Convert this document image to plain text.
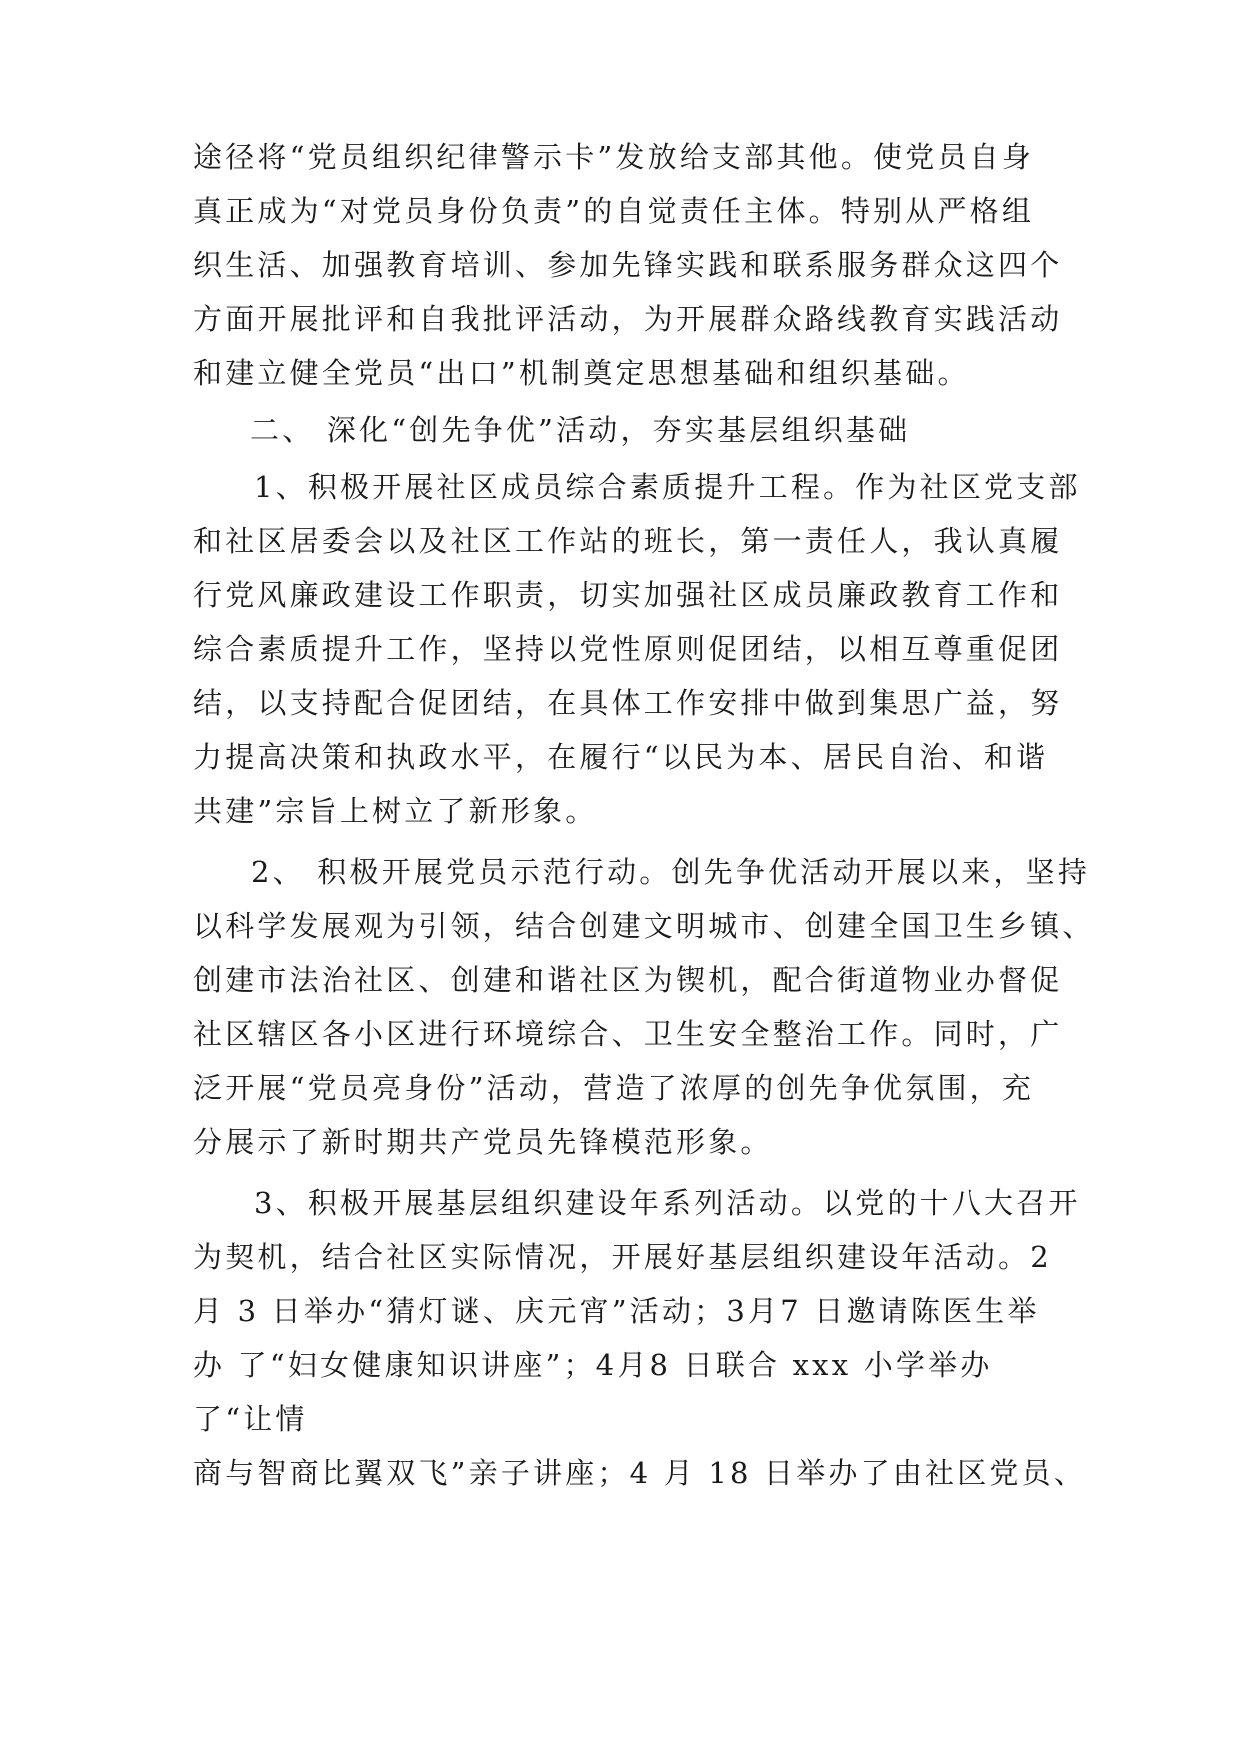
途径将“党员组织纪律警示卡”发放给支部其他。使党员自身

真正成为“对党员身份负责”的自觉责任主体。特别从严格组

织生活、加强教育培训、参加先锋实践和联系服务群众这四个

方面开展批评和自我批评活动，为开展群众路线教育实践活动

和建立健全党员“出口”机制奠定思想基础和组织基础。

二、 深化“创先争优”活动，夯实基层组织基础

1、积极开展社区成员综合素质提升工程。作为社区党支部

和社区居委会以及社区工作站的班长，第一责任人，我认真履

行党风廉政建设工作职责，切实加强社区成员廉政教育工作和

综合素质提升工作，坚持以党性原则促团结，以相互尊重促团

结，以支持配合促团结，在具体工作安排中做到集思广益，努

力提高决策和执政水平，在履行“以民为本、居民自治、和谐

共建”宗旨上树立了新形象。

2、 积极开展党员示范行动。创先争优活动开展以来，坚持

以科学发展观为引领，结合创建文明城市、创建全国卫生乡镇、

创建市法治社区、创建和谐社区为锲机，配合街道物业办督促

社区辖区各小区进行环境综合、卫生安全整治工作。同时，广

泛开展“党员亮身份”活动，营造了浓厚的创先争优氛围，充

分展示了新时期共产党员先锋模范形象。

3、积极开展基层组织建设年系列活动。以党的十八大召开

为契机，结合社区实际情况，开展好基层组织建设年活动。2

月 3 日举办“猜灯谜、庆元宵”活动；3月7 日邀请陈医生举

办 了“妇女健康知识讲座”；4月8 日联合 xxx 小学举办

了“让情

商与智商比翼双飞”亲子讲座；4 月 18 日举办了由社区党员、
